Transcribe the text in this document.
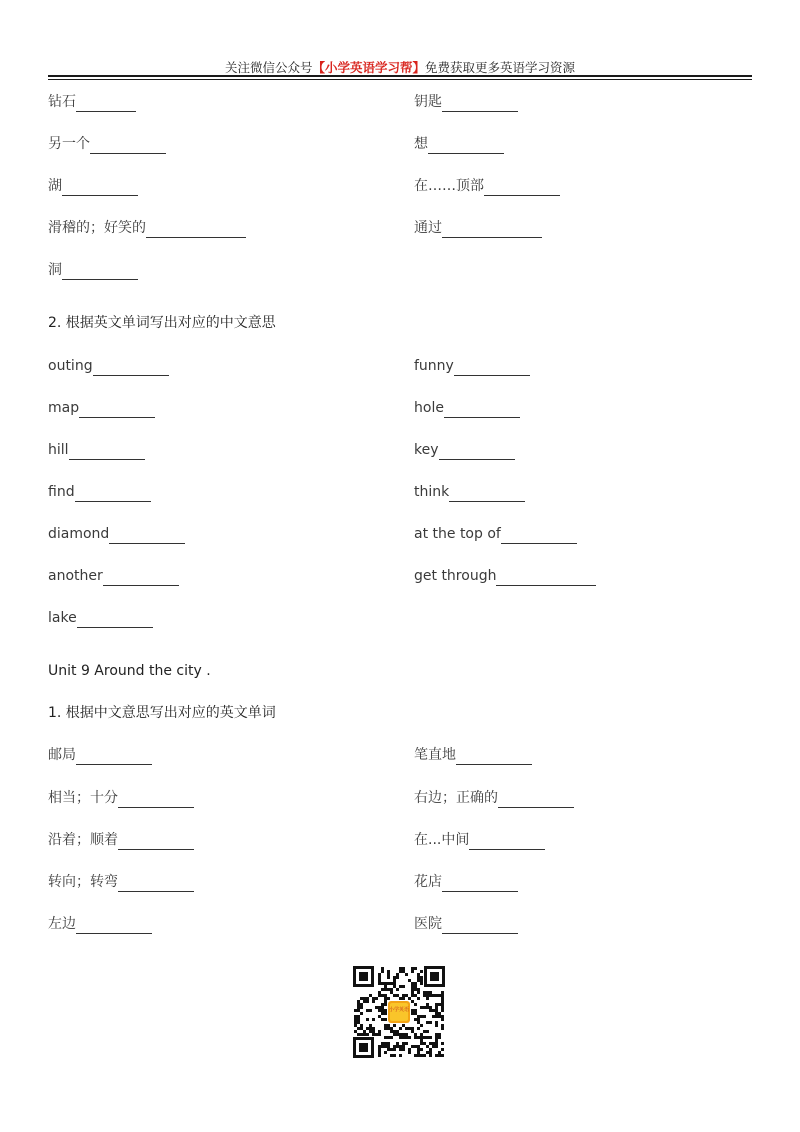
关注微信公众号【小学英语学习帮】免费获取更多英语学习资源
钻石	钥匙
另一个	想
湖	在……顶部
滑稽的；好笑的	通过
洞
2. 根据英文单词写出对应的中文意思
outing	funny
map	hole
hill	key
find	think
diamond	at the top of
another	get through
lake
Unit 9 Around the city .
1. 根据中文意思写出对应的英文单词
邮局	笔直地
相当；十分	右边；正确的
沿着；顺着	在...中间
转向；转弯	花店
左边	医院
小学英语
